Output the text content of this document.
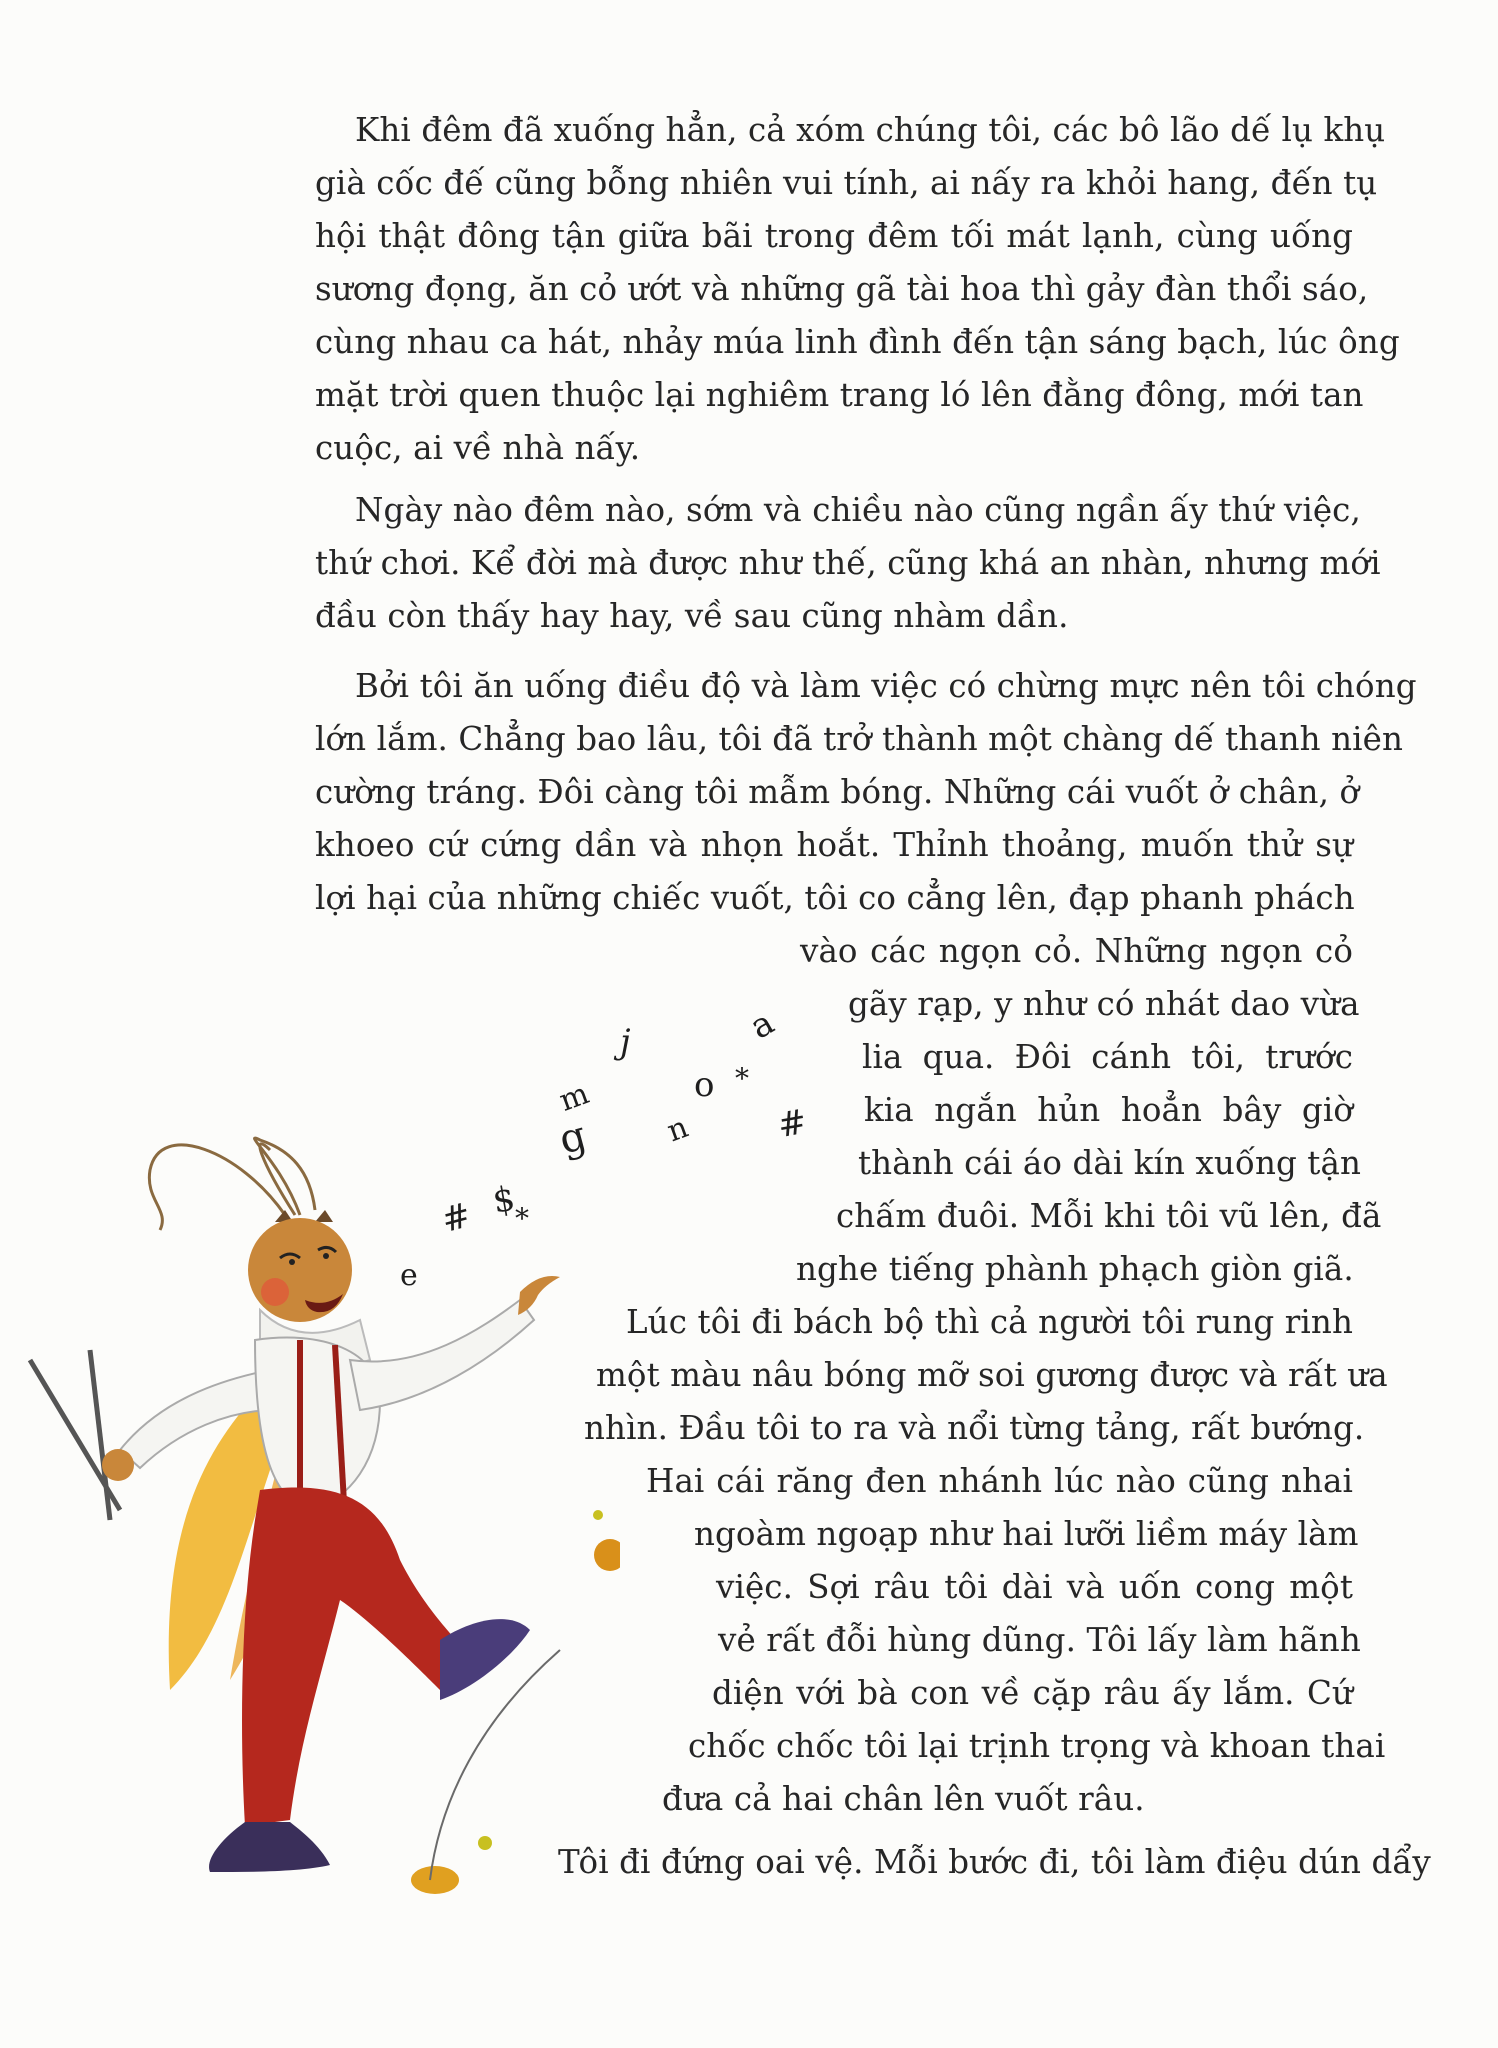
Khi đêm đã xuống hẳn, cả xóm chúng tôi, các bô lão dế lụ khụ
già cốc đế cũng bỗng nhiên vui tính, ai nấy ra khỏi hang, đến tụ
hội thật đông tận giữa bãi trong đêm tối mát lạnh, cùng uống
sương đọng, ăn cỏ ướt và những gã tài hoa thì gảy đàn thổi sáo,
cùng nhau ca hát, nhảy múa linh đình đến tận sáng bạch, lúc ông
mặt trời quen thuộc lại nghiêm trang ló lên đằng đông, mới tan
cuộc, ai về nhà nấy.
Ngày nào đêm nào, sớm và chiều nào cũng ngần ấy thứ việc,
thứ chơi. Kể đời mà được như thế, cũng khá an nhàn, nhưng mới
đầu còn thấy hay hay, về sau cũng nhàm dần.
Bởi tôi ăn uống điều độ và làm việc có chừng mực nên tôi chóng
lớn lắm. Chẳng bao lâu, tôi đã trở thành một chàng dế thanh niên
cường tráng. Đôi càng tôi mẫm bóng. Những cái vuốt ở chân, ở
khoeo cứ cứng dần và nhọn hoắt. Thỉnh thoảng, muốn thử sự
lợi hại của những chiếc vuốt, tôi co cẳng lên, đạp phanh phách
vào các ngọn cỏ. Những ngọn cỏ
gãy rạp, y như có nhát dao vừa
lia qua. Đôi cánh tôi, trước
kia ngắn hủn hoẳn bây giờ
thành cái áo dài kín xuống tận
chấm đuôi. Mỗi khi tôi vũ lên, đã
nghe tiếng phành phạch giòn giã.
Lúc tôi đi bách bộ thì cả người tôi rung rinh
một màu nâu bóng mỡ soi gương được và rất ưa
nhìn. Đầu tôi to ra và nổi từng tảng, rất bướng.
Hai cái răng đen nhánh lúc nào cũng nhai
ngoàm ngoạp như hai lưỡi liềm máy làm
việc. Sợi râu tôi dài và uốn cong một
vẻ rất đỗi hùng dũng. Tôi lấy làm hãnh
diện với bà con về cặp râu ấy lắm. Cứ
chốc chốc tôi lại trịnh trọng và khoan thai
đưa cả hai chân lên vuốt râu.
Tôi đi đứng oai vệ. Mỗi bước đi, tôi làm điệu dún dẩy
a
j
o *
m
g n #
# $
*
e
